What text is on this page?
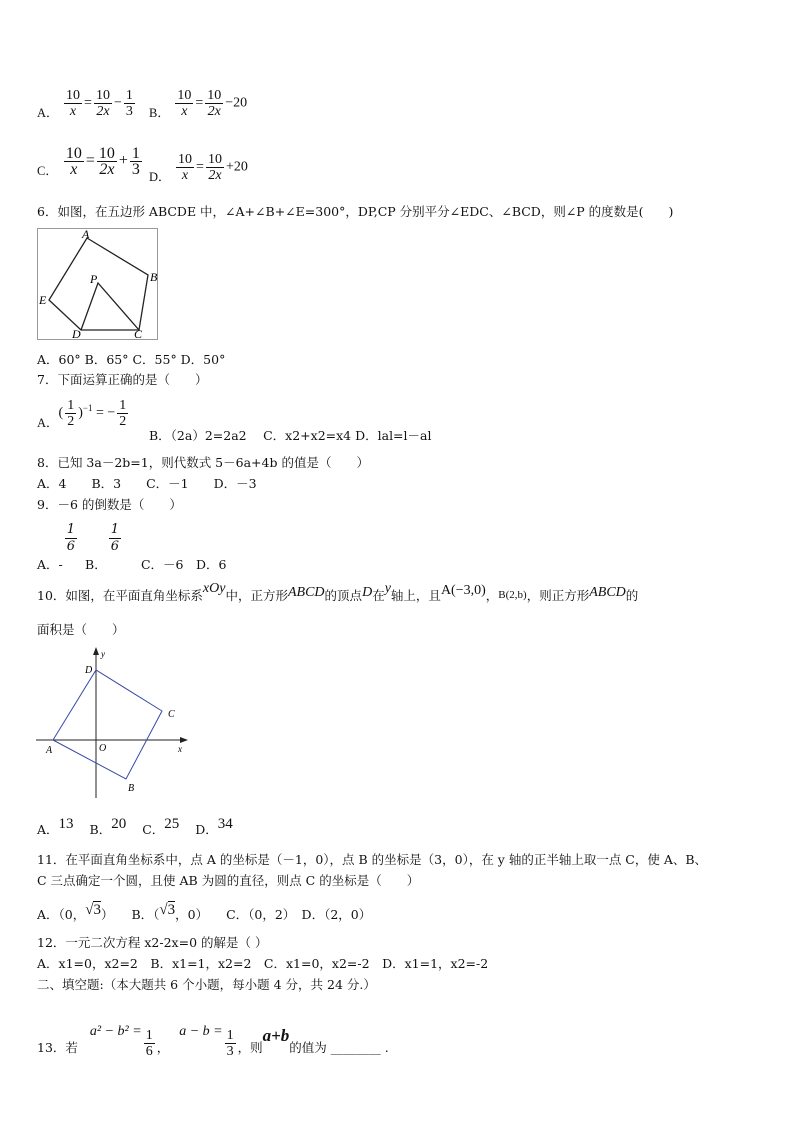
A． $\frac{10}{x} = \frac{10}{2x} - \frac{1}{3}$ B． $\frac{10}{x} = \frac{10}{2x} -20$
$_{C.} \frac{10}{x} = \frac{10}{2x} + \frac{1}{3}$ D． $\frac{10}{x} = \frac{10}{2x} +20$
6．如图，在五边形 ABCDE 中，∠A+∠B+∠E=300°，DP,CP 分别平分∠EDC、∠BCD，则∠P 的度数是(　　)
A
B
E
P
D	C
A．60° B．65° C．55° D．50°
7．下面运算正确的是（　　）
A．( $\frac{1}{2} )^{-1}$ = − $\frac{1}{2}$
B．（2a）2=2a2　 C．x2+x2=x4 D．lal=l－al
8．已知 3a－2b=1，则代数式 5－6a+4b 的值是（　　）
A．4　　B．3　　C．－1　　D．－3
9．－6 的倒数是（　　）
A．-
$\frac{1}{6}$
B．
$\frac{1}{6}$
C．－6　D．6
10．如图，在平面直角坐标系xOy中，正方形ABCD的顶点D在y轴上，且A(−3,0)，B(2,b)，则正方形ABCD的
面积是（　　）
y
D
C
A	O	x
B
A．13 B．20 C．25 D．34
11．在平面直角坐标系中，点 A 的坐标是（－1，0），点 B 的坐标是（3，0），在 y 轴的正半轴上取一点 C，使 A、B、
C 三点确定一个圆，且使 AB 为圆的直径，则点 C 的坐标是（　　）
A．（0，√3） B．（√3，0） C．（0，2）　D．（2，0）
12．一元二次方程 x2-2x=0 的解是（ ）
A．x1=0，x2=2　B．x1=1，x2=2　C．x1=0，x2=-2　D．x1=1，x2=-2
二、填空题:（本大题共 6 个小题，每小题 4 分，共 24 分.）
13．若 $a^2 - b^2 = \frac{1}{6}$ ， $a - b = \frac{1}{3}$ ，则a+b的值为 ________ .
